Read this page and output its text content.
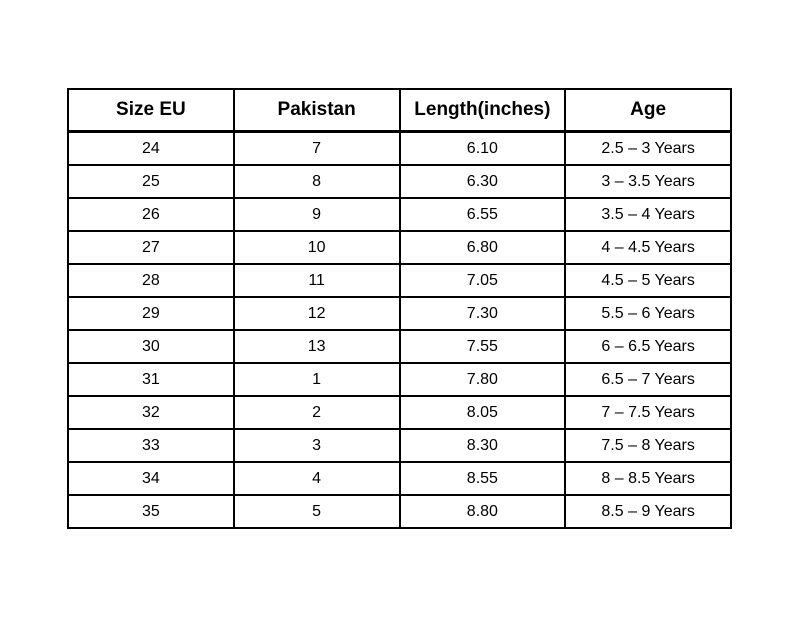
Size EU	Pakistan	Length(inches)	Age
24	7	6.10	2.5 – 3 Years
25	8	6.30	3 – 3.5 Years
26	9	6.55	3.5 – 4 Years
27	10	6.80	4 – 4.5 Years
28	11	7.05	4.5 – 5 Years
29	12	7.30	5.5 – 6 Years
30	13	7.55	6 – 6.5 Years
31	1	7.80	6.5 – 7 Years
32	2	8.05	7 – 7.5 Years
33	3	8.30	7.5 – 8 Years
34	4	8.55	8 – 8.5 Years
35	5	8.80	8.5 – 9 Years
